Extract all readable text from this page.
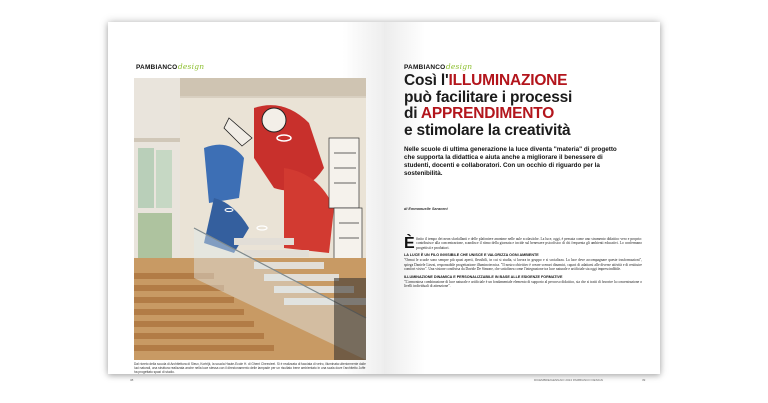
PAMBIANCO design
Dal ricreto della scuola di Architettura di Sieuv, Kortrijk, la scuola Haute-Ecole H. di Ghent Cheecieel. Si è realizzata di facciata di vetro, illuminata ulteriormente dalle luci naturali, una struttura realizzata anche nella luce stessa con il direzionamento delle lampade per un risultato bene ambientato in una scala dove l'architetto Joffe ha progettato spazi di studio.
PAMBIANCO design
Così l'ILLUMINAZIONE
può facilitare i processi
di APPRENDIMENTO
e stimolare la creatività
Nelle scuole di ultima generazione la luce diventa "materia" di progetto che supporta la didattica e aiuta anche a migliorare il benessere di studenti, docenti e collaboratori. Con un occhio di riguardo per la sostenibilità.
di Emmanuelle Saraceni
È finito il tempo dei neon sfarfallanti e delle plafoniere anonime nelle aule scolastiche. La luce, oggi, è pensata come uno strumento didattico vero e proprio: contribuisce alla concentrazione, scandisce il ritmo della giornata e incide sul benessere psicofisico di chi frequenta gli ambienti educativi. Lo confermano progettisti e produttori.

LA LUCE È UN FILO INVISIBILE CHE UNISCE E VALORIZZA OGNI AMBIENTE

"Ormai le scuole sono sempre più spazi aperti, flessibili, in cui si studia, si lavora in gruppo e si socializza. La luce deve accompagnare queste trasformazioni", spiega Daniele Liezzi, responsabile progettazione illuminotecnica. "Il nostro obiettivo è creare scenari dinamici, capaci di adattarsi alle diverse attività e di restituire comfort visivo". Una visione condivisa da Davide De Simone, che sottolinea come l'integrazione tra luce naturale e artificiale sia oggi imprescindibile.

ILLUMINAZIONE DINAMICA E PERSONALIZZABILE IN BASE ALLE ESIGENZE FORMATIVE

"L'armoniosa combinazione di luce naturale e artificiale è un fondamentale elemento di supporto al percorso didattico, sia che si tratti di favorire la concentrazione o livelli individuali di attenzione".

DICEMBRE/GENNAIO 2024 PAMBIANCO DESIGN	39
38
